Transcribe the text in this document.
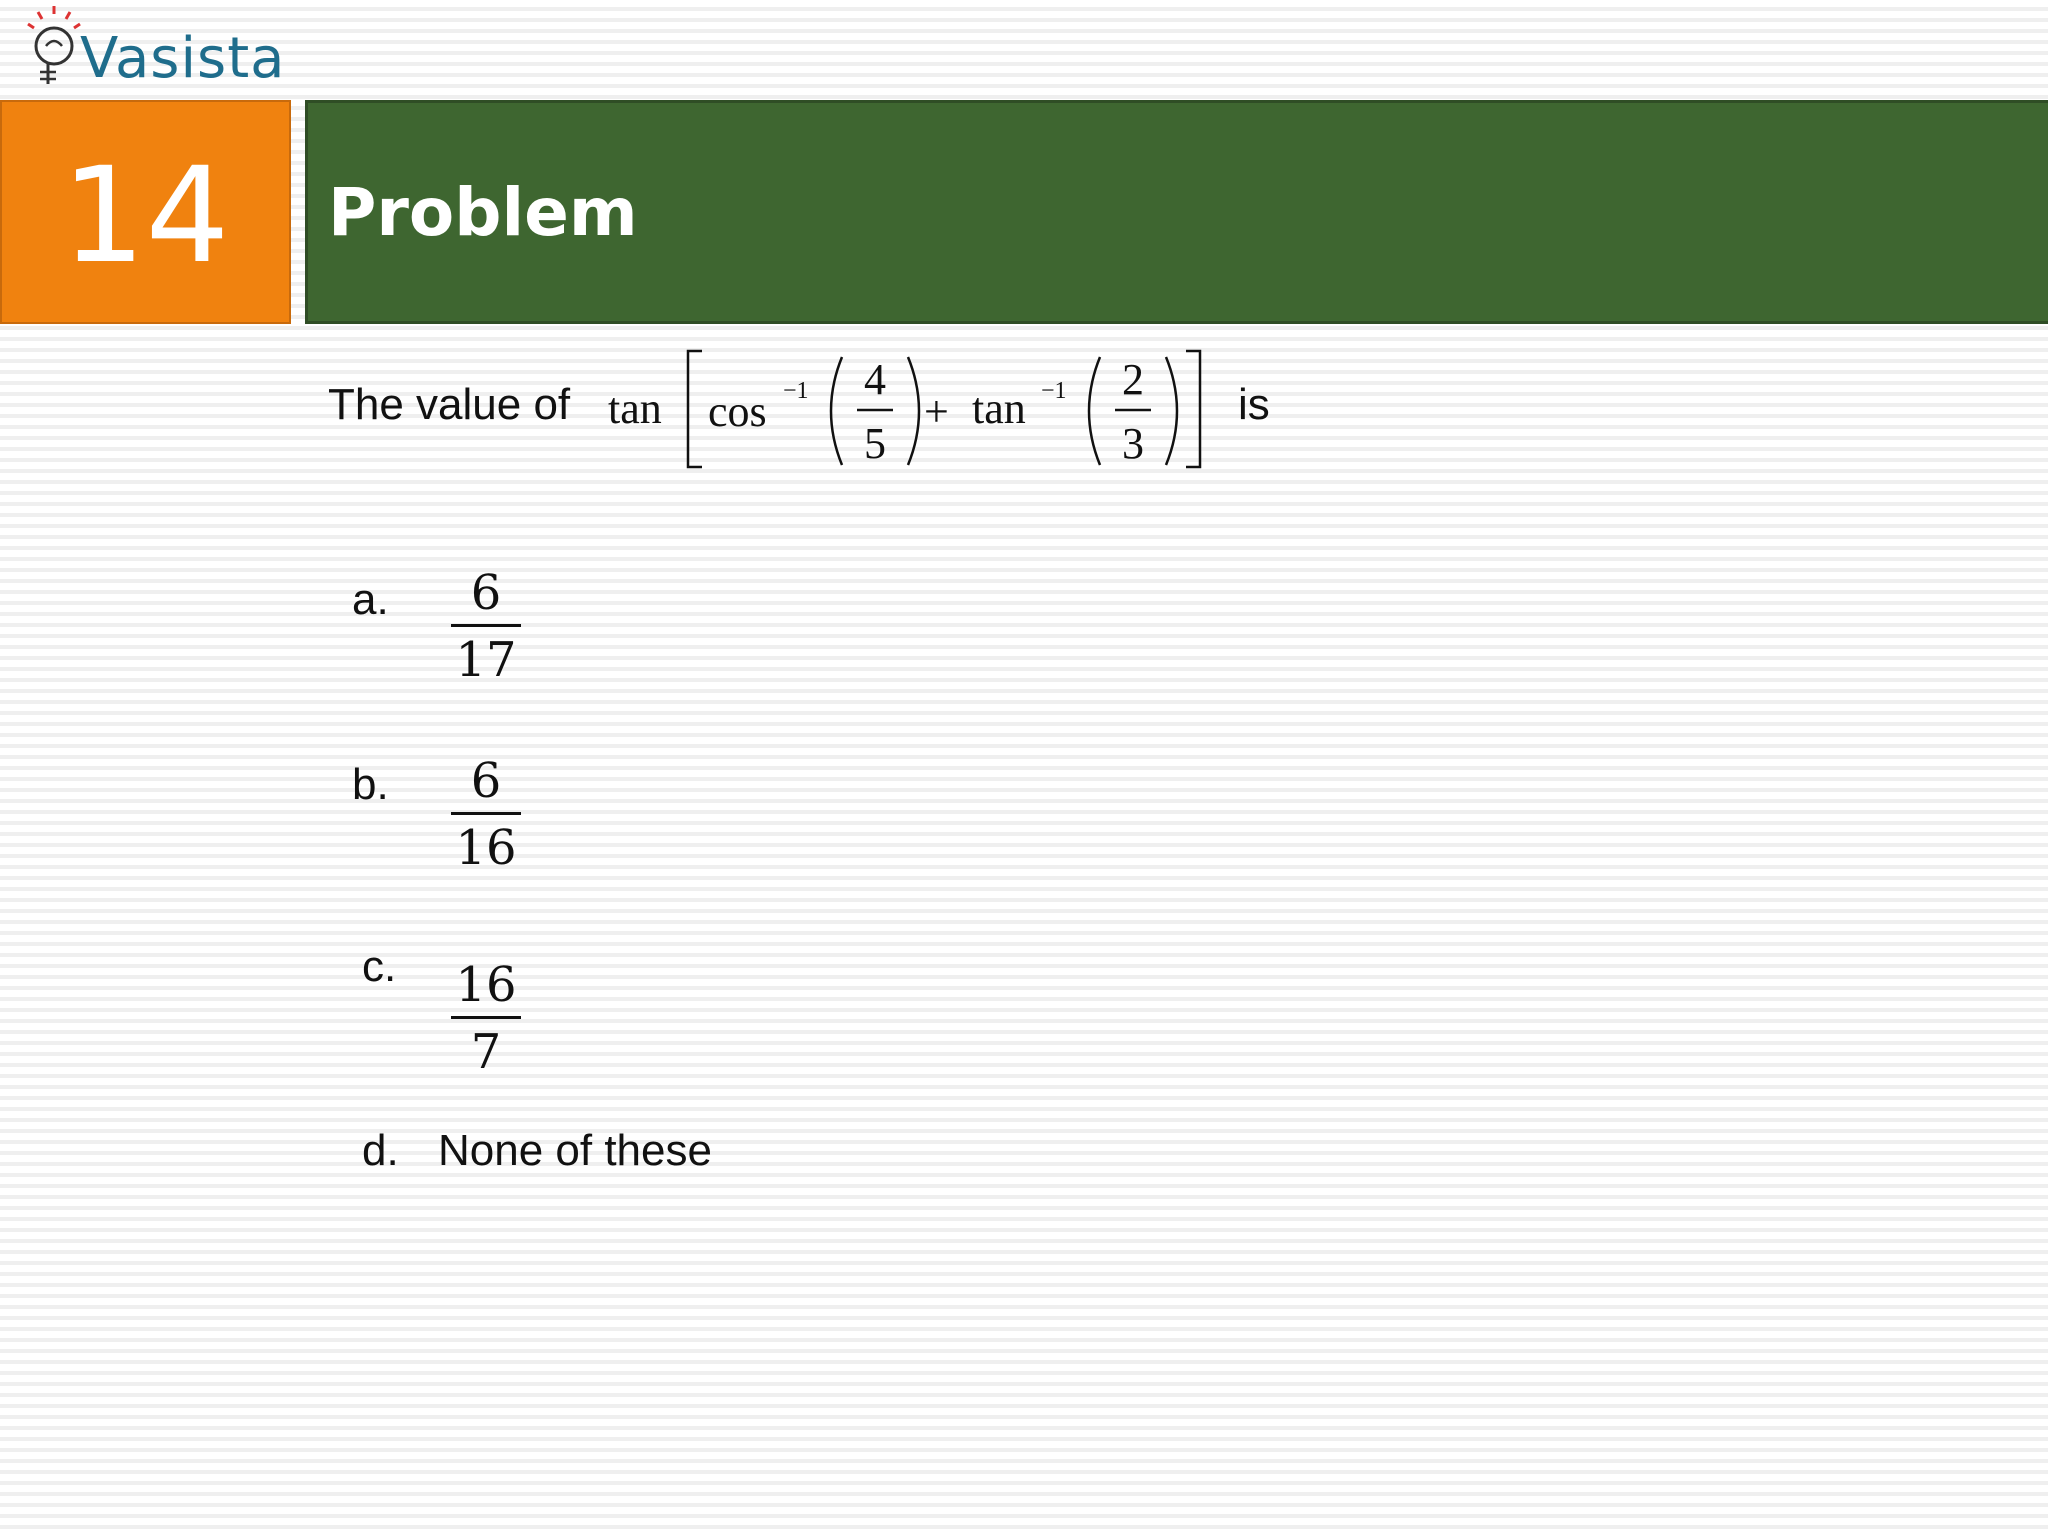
Vasista
14 Problem
The value of tan cos −1 4
5
+ tan −1 2
3
is
a.	6
17
b.	6
16
c. 16
7
d. None of these
